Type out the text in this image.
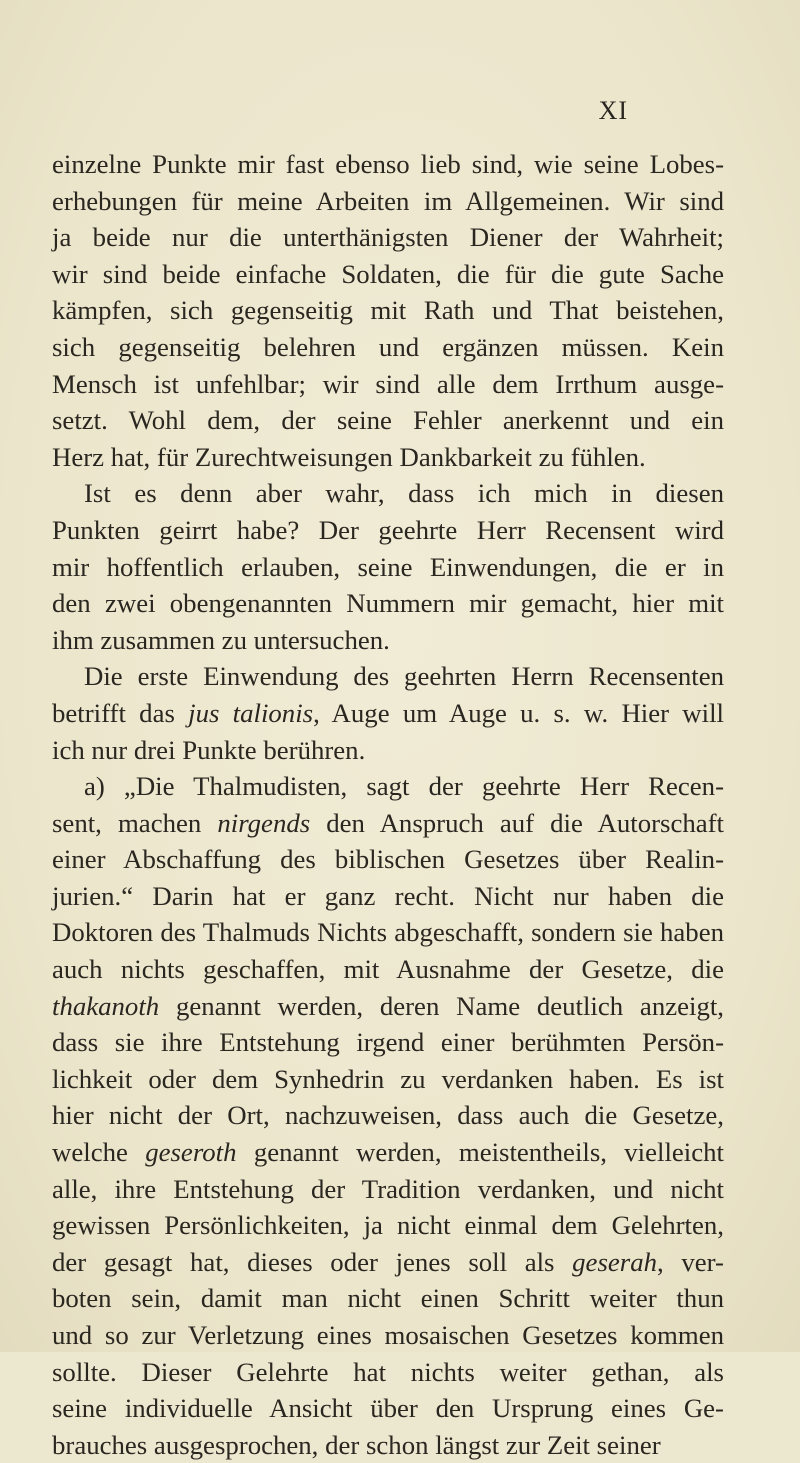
XI
einzelne Punkte mir fast ebenso lieb sind, wie seine Lobes-
erhebungen für meine Arbeiten im Allgemeinen. Wir sind
ja beide nur die unterthänigsten Diener der Wahrheit;
wir sind beide einfache Soldaten, die für die gute Sache
kämpfen, sich gegenseitig mit Rath und That beistehen,
sich gegenseitig belehren und ergänzen müssen. Kein
Mensch ist unfehlbar; wir sind alle dem Irrthum ausge-
setzt. Wohl dem, der seine Fehler anerkennt und ein
Herz hat, für Zurechtweisungen Dankbarkeit zu fühlen.
Ist es denn aber wahr, dass ich mich in diesen
Punkten geirrt habe? Der geehrte Herr Recensent wird
mir hoffentlich erlauben, seine Einwendungen, die er in
den zwei obengenannten Nummern mir gemacht, hier mit
ihm zusammen zu untersuchen.
Die erste Einwendung des geehrten Herrn Recensenten
betrifft das jus talionis, Auge um Auge u. s. w. Hier will
ich nur drei Punkte berühren.
a) „Die Thalmudisten, sagt der geehrte Herr Recen-
sent, machen nirgends den Anspruch auf die Autorschaft
einer Abschaffung des biblischen Gesetzes über Realin-
jurien.“ Darin hat er ganz recht. Nicht nur haben die
Doktoren des Thalmuds Nichts abgeschafft, sondern sie haben
auch nichts geschaffen, mit Ausnahme der Gesetze, die
thakanoth genannt werden, deren Name deutlich anzeigt,
dass sie ihre Entstehung irgend einer berühmten Persön-
lichkeit oder dem Synhedrin zu verdanken haben. Es ist
hier nicht der Ort, nachzuweisen, dass auch die Gesetze,
welche geseroth genannt werden, meistentheils, vielleicht
alle, ihre Entstehung der Tradition verdanken, und nicht
gewissen Persönlichkeiten, ja nicht einmal dem Gelehrten,
der gesagt hat, dieses oder jenes soll als geserah, ver-
boten sein, damit man nicht einen Schritt weiter thun
und so zur Verletzung eines mosaischen Gesetzes kommen
sollte. Dieser Gelehrte hat nichts weiter gethan, als
seine individuelle Ansicht über den Ursprung eines Ge-
brauches ausgesprochen, der schon längst zur Zeit seiner
